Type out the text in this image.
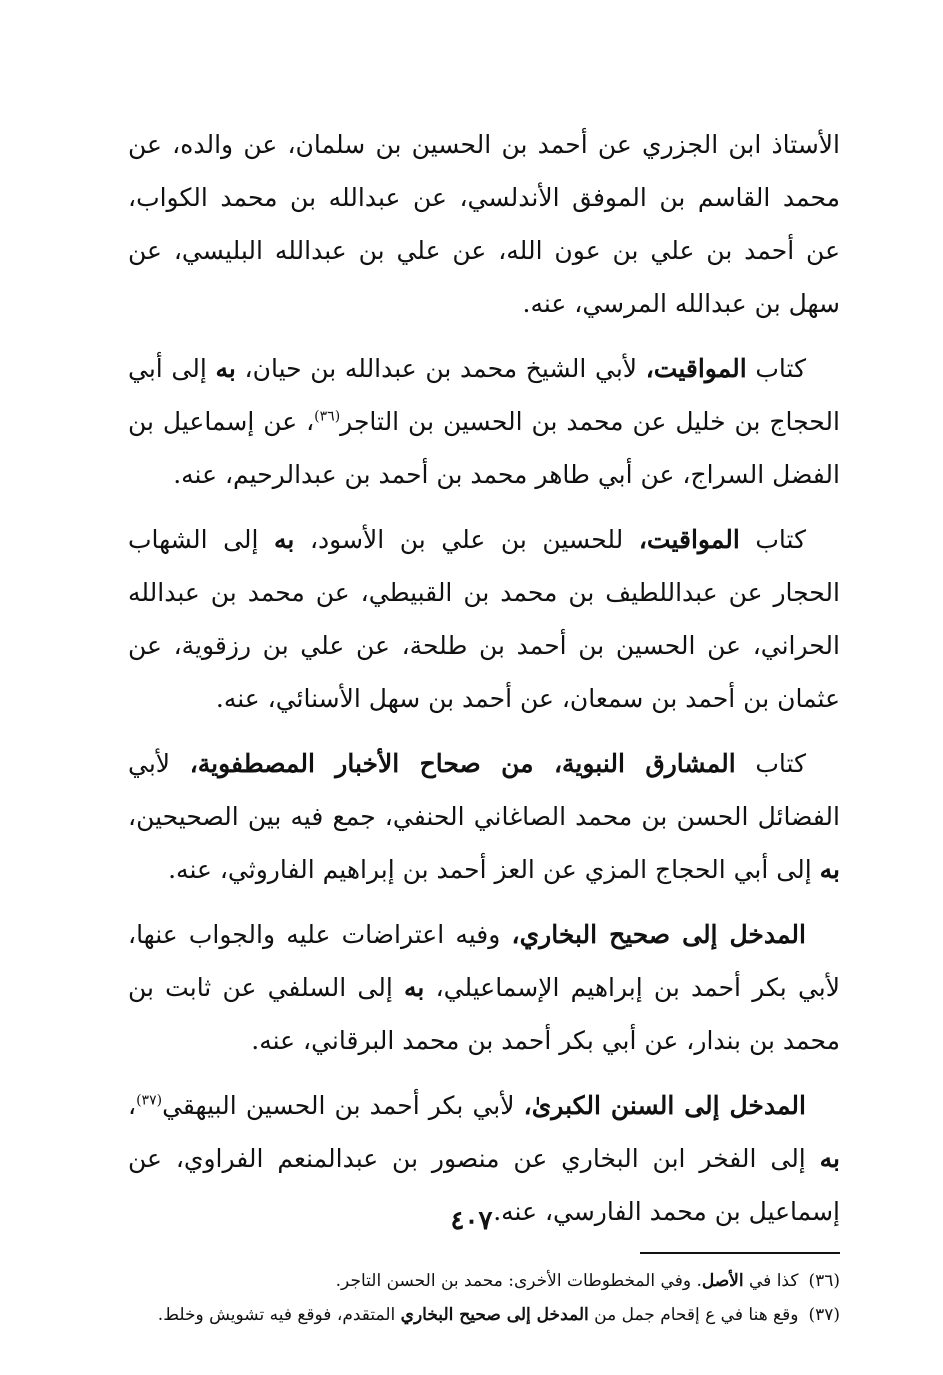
الأستاذ ابن الجزري عن أحمد بن الحسين بن سلمان، عن والده، عن محمد القاسم بن الموفق الأندلسي، عن عبدالله بن محمد الكواب، عن أحمد بن علي بن عون الله، عن علي بن عبدالله البليسي، عن سهل بن عبدالله المرسي، عنه.

كتاب المواقيت، لأبي الشيخ محمد بن عبدالله بن حيان، به إلى أبي الحجاج بن خليل عن محمد بن الحسين بن التاجر$^{(٣٦)}$، عن إسماعيل بن الفضل السراج، عن أبي طاهر محمد بن أحمد بن عبدالرحيم، عنه.

كتاب المواقيت، للحسين بن علي بن الأسود، به إلى الشهاب الحجار عن عبداللطيف بن محمد بن القبيطي، عن محمد بن عبدالله الحراني، عن الحسين بن أحمد بن طلحة، عن علي بن رزقوية، عن عثمان بن أحمد بن سمعان، عن أحمد بن سهل الأسنائي، عنه.

كتاب المشارق النبوية، من صحاح الأخبار المصطفوية، لأبي الفضائل الحسن بن محمد الصاغاني الحنفي، جمع فيه بين الصحيحين، به إلى أبي الحجاج المزي عن العز أحمد بن إبراهيم الفاروثي، عنه.

المدخل إلى صحيح البخاري، وفيه اعتراضات عليه والجواب عنها، لأبي بكر أحمد بن إبراهيم الإسماعيلي، به إلى السلفي عن ثابت بن محمد بن بندار، عن أبي بكر أحمد بن محمد البرقاني، عنه.

المدخل إلى السنن الكبرىٰ، لأبي بكر أحمد بن الحسين البيهقي$^{(٣٧)}$، به إلى الفخر ابن البخاري عن منصور بن عبدالمنعم الفراوي، عن إسماعيل بن محمد الفارسي، عنه.

(٣٦)كذا في الأصل. وفي المخطوطات الأخرى: محمد بن الحسن التاجر.

(٣٧)وقع هنا في ع إقحام جمل من المدخل إلى صحيح البخاري المتقدم، فوقع فيه تشويش وخلط.

٤٠٧
